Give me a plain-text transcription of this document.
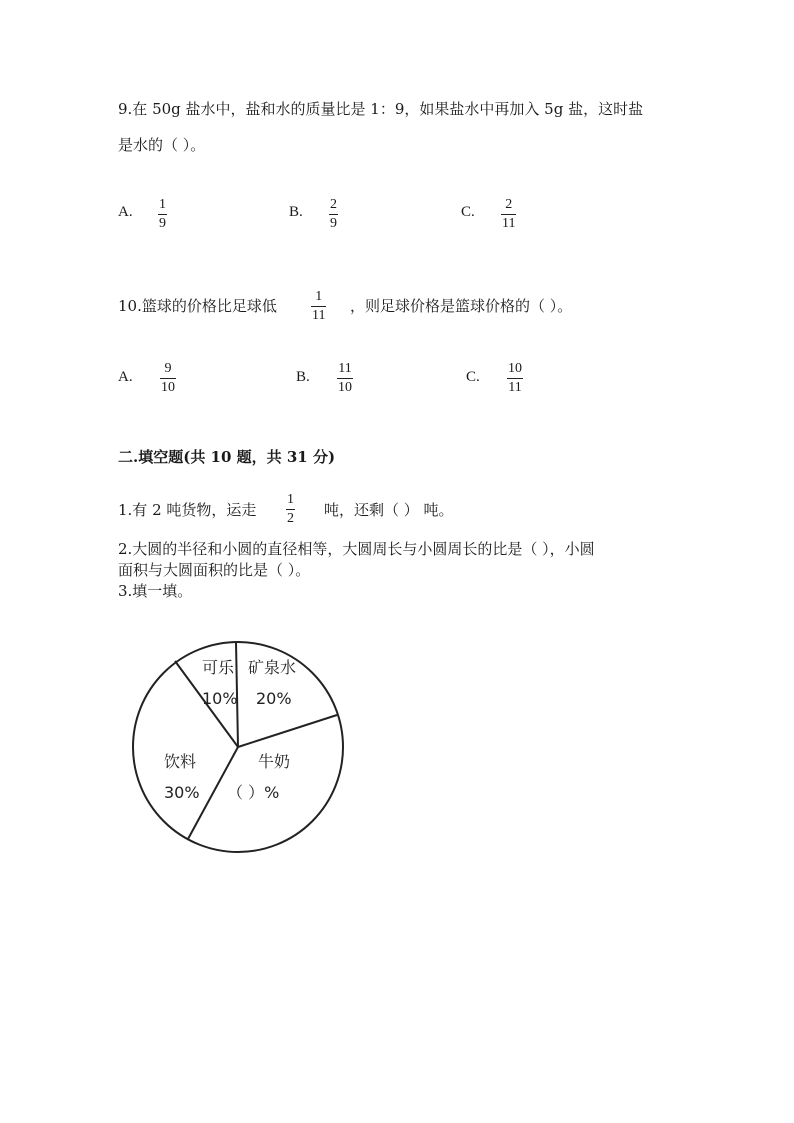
9.在 50g 盐水中，盐和水的质量比是 1：9，如果盐水中再加入 5g 盐，这时盐
是水的（ ）。
A. 1
9
B. 2
9
C.	2
11
10.篮球的价格比足球低
1
11
，则足球价格是篮球价格的（ ）。
A.
9
10
B.
11
10
C.
10
11
二.填空题(共 10 题，共 31 分)
1.有 2 吨货物，运走
1
2 吨，还剩（ ） 吨。
2.大圆的半径和小圆的直径相等，大圆周长与小圆周长的比是（ ），小圆
面积与大圆面积的比是（ ）。
3.填一填。
可乐
10%
矿泉水
20%
饮料
30%
牛奶
（ ）%
